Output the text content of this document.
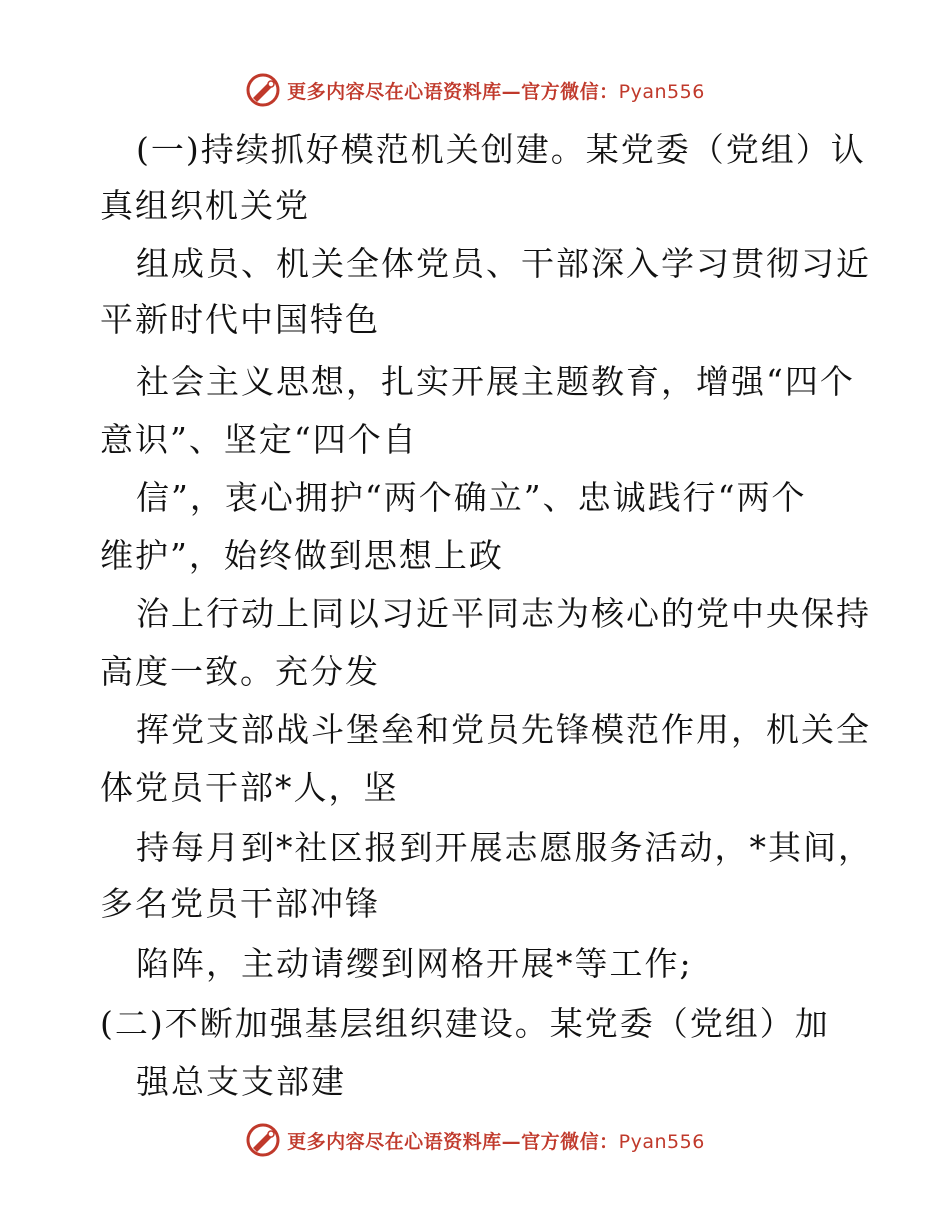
更多内容尽在心语资料库—官方微信：Pyan556
(一)持续抓好模范机关创建。某党委（党组）认
真组织机关党
组成员、机关全体党员、干部深入学习贯彻习近
平新时代中国特色
社会主义思想，扎实开展主题教育，增强“四个
意识”、坚定“四个自
信”，衷心拥护“两个确立”、忠诚践行“两个
维护”，始终做到思想上政
治上行动上同以习近平同志为核心的党中央保持
高度一致。充分发
挥党支部战斗堡垒和党员先锋模范作用，机关全
体党员干部*人，坚
持每月到*社区报到开展志愿服务活动，*其间，
多名党员干部冲锋
陷阵，主动请缨到网格开展*等工作;
(二)不断加强基层组织建设。某党委（党组）加
强总支支部建
更多内容尽在心语资料库—官方微信：Pyan556
